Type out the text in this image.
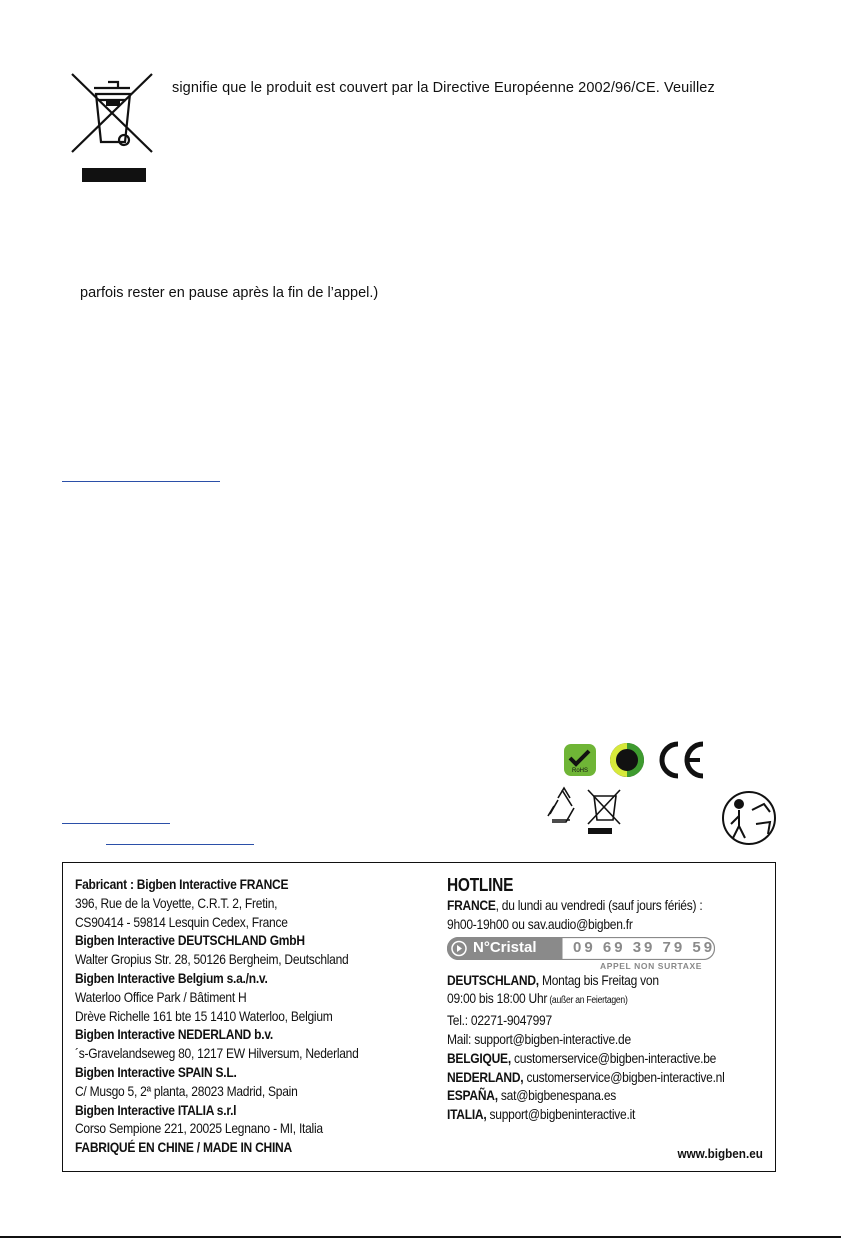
signifie que le produit est couvert par la Directive Européenne 2002/96/CE. Veuillez
parfois rester en pause après la fin de l’appel.)
RoHS
Fabricant : Bigben Interactive FRANCE
396, Rue de la Voyette, C.R.T. 2, Fretin,
CS90414 - 59814 Lesquin Cedex, France
Bigben Interactive DEUTSCHLAND GmbH
Walter Gropius Str. 28, 50126 Bergheim, Deutschland
Bigben Interactive Belgium s.a./n.v.
Waterloo Office Park / Bâtiment H
Drève Richelle 161 bte 15 1410 Waterloo, Belgium
Bigben Interactive NEDERLAND b.v.
´s-Gravelandseweg 80, 1217 EW Hilversum, Nederland
Bigben Interactive SPAIN S.L.
C/ Musgo 5, 2ª planta, 28023 Madrid, Spain
Bigben Interactive ITALIA s.r.l
Corso Sempione 221, 20025 Legnano - MI, Italia
FABRIQUÉ EN CHINE / MADE IN CHINA
HOTLINE
FRANCE, du lundi au vendredi (sauf jours fériés) :
9h00-19h00 ou sav.audio@bigben.fr
N°Cristal 09 69 39 79 59
APPEL NON SURTAXE
DEUTSCHLAND, Montag bis Freitag von
09:00 bis 18:00 Uhr (außer an Feiertagen)
Tel.: 02271-9047997
Mail: support@bigben-interactive.de
BELGIQUE, customerservice@bigben-interactive.be
NEDERLAND, customerservice@bigben-interactive.nl
ESPAÑA, sat@bigbenespana.es
ITALIA, support@bigbeninteractive.it
www.bigben.eu
